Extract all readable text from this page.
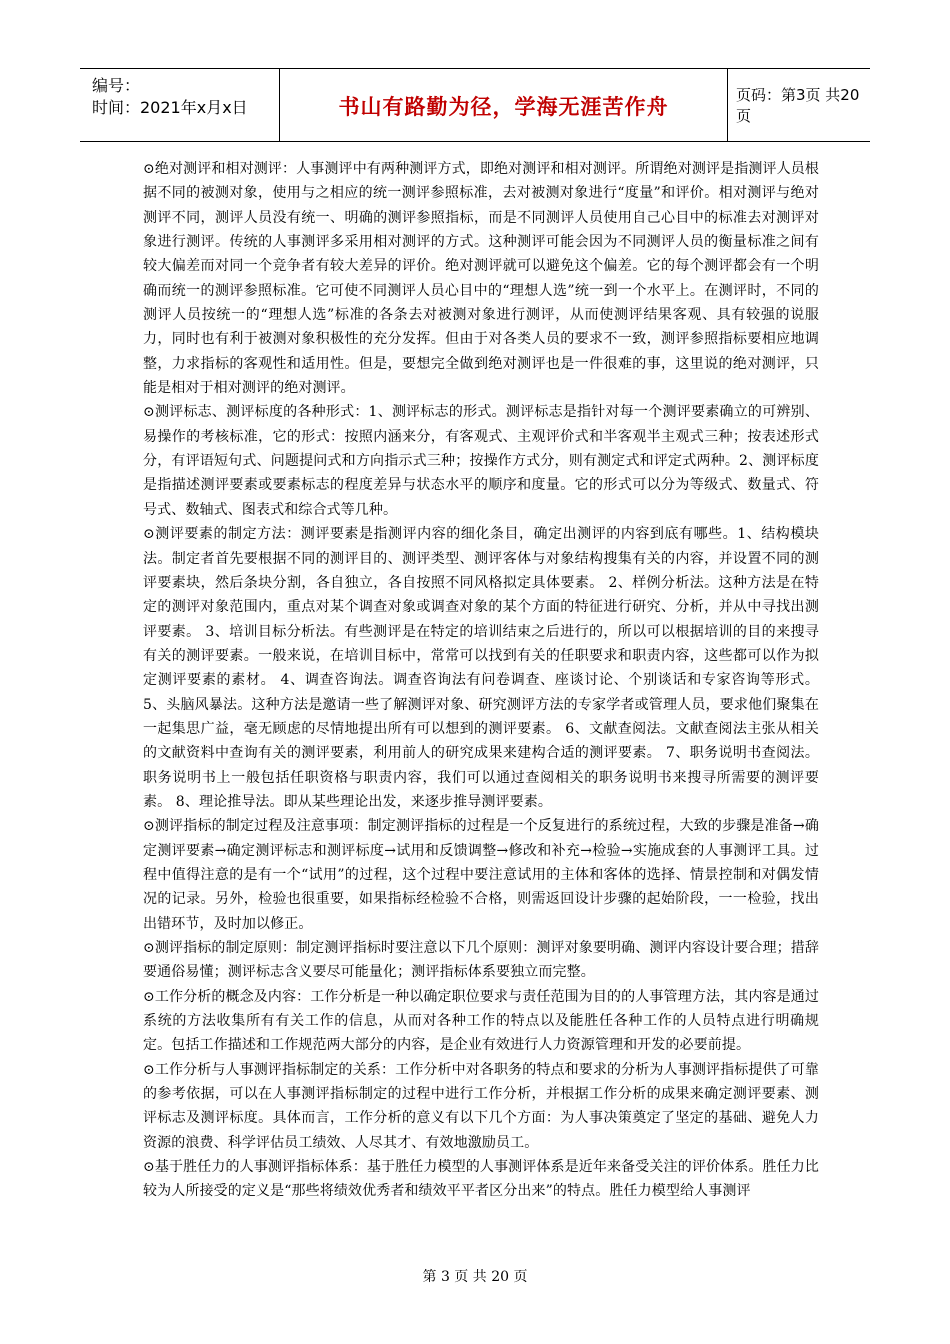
编号：
时间：2021年x月x日	书山有路勤为径，学海无涯苦作舟	页码：第3页 共20页

⊙绝对测评和相对测评：人事测评中有两种测评方式，即绝对测评和相对测评。所谓绝对测评是指测评人员根据不同的被测对象，使用与之相应的统一测评参照标准，去对被测对象进行“度量”和评价。相对测评与绝对测评不同，测评人员没有统一、明确的测评参照指标，而是不同测评人员使用自己心目中的标准去对测评对象进行测评。传统的人事测评多采用相对测评的方式。这种测评可能会因为不同测评人员的衡量标准之间有较大偏差而对同一个竞争者有较大差异的评价。绝对测评就可以避免这个偏差。它的每个测评都会有一个明确而统一的测评参照标准。它可使不同测评人员心目中的“理想人选”统一到一个水平上。在测评时，不同的测评人员按统一的“理想人选”标准的各条去对被测对象进行测评，从而使测评结果客观、具有较强的说服力，同时也有利于被测对象积极性的充分发挥。但由于对各类人员的要求不一致，测评参照指标要相应地调整，力求指标的客观性和适用性。但是，要想完全做到绝对测评也是一件很难的事，这里说的绝对测评，只能是相对于相对测评的绝对测评。

⊙测评标志、测评标度的各种形式：1、测评标志的形式。测评标志是指针对每一个测评要素确立的可辨别、易操作的考核标准，它的形式：按照内涵来分，有客观式、主观评价式和半客观半主观式三种；按表述形式分，有评语短句式、问题提问式和方向指示式三种；按操作方式分，则有测定式和评定式两种。2、测评标度是指描述测评要素或要素标志的程度差异与状态水平的顺序和度量。它的形式可以分为等级式、数量式、符号式、数轴式、图表式和综合式等几种。

⊙测评要素的制定方法：测评要素是指测评内容的细化条目，确定出测评的内容到底有哪些。1、结构模块法。制定者首先要根据不同的测评目的、测评类型、测评客体与对象结构搜集有关的内容，并设置不同的测评要素块，然后条块分割，各自独立，各自按照不同风格拟定具体要素。 2、样例分析法。这种方法是在特定的测评对象范围内，重点对某个调查对象或调查对象的某个方面的特征进行研究、分析，并从中寻找出测评要素。 3、培训目标分析法。有些测评是在特定的培训结束之后进行的，所以可以根据培训的目的来搜寻有关的测评要素。一般来说，在培训目标中，常常可以找到有关的任职要求和职责内容，这些都可以作为拟定测评要素的素材。 4、调查咨询法。调查咨询法有问卷调查、座谈讨论、个别谈话和专家咨询等形式。 5、头脑风暴法。这种方法是邀请一些了解测评对象、研究测评方法的专家学者或管理人员，要求他们聚集在一起集思广益，毫无顾虑的尽情地提出所有可以想到的测评要素。 6、文献查阅法。文献查阅法主张从相关的文献资料中查询有关的测评要素，利用前人的研究成果来建构合适的测评要素。 7、职务说明书查阅法。职务说明书上一般包括任职资格与职责内容，我们可以通过查阅相关的职务说明书来搜寻所需要的测评要素。 8、理论推导法。即从某些理论出发，来逐步推导测评要素。

⊙测评指标的制定过程及注意事项：制定测评指标的过程是一个反复进行的系统过程，大致的步骤是准备→确定测评要素→确定测评标志和测评标度→试用和反馈调整→修改和补充→检验→实施成套的人事测评工具。过程中值得注意的是有一个“试用”的过程，这个过程中要注意试用的主体和客体的选择、情景控制和对偶发情况的记录。另外，检验也很重要，如果指标经检验不合格，则需返回设计步骤的起始阶段，一一检验，找出出错环节，及时加以修正。

⊙测评指标的制定原则：制定测评指标时要注意以下几个原则：测评对象要明确、测评内容设计要合理；措辞要通俗易懂；测评标志含义要尽可能量化；测评指标体系要独立而完整。

⊙工作分析的概念及内容：工作分析是一种以确定职位要求与责任范围为目的的人事管理方法，其内容是通过系统的方法收集所有有关工作的信息，从而对各种工作的特点以及能胜任各种工作的人员特点进行明确规定。包括工作描述和工作规范两大部分的内容，是企业有效进行人力资源管理和开发的必要前提。

⊙工作分析与人事测评指标制定的关系：工作分析中对各职务的特点和要求的分析为人事测评指标提供了可靠的参考依据，可以在人事测评指标制定的过程中进行工作分析，并根据工作分析的成果来确定测评要素、测评标志及测评标度。具体而言，工作分析的意义有以下几个方面：为人事决策奠定了坚定的基础、避免人力资源的浪费、科学评估员工绩效、人尽其才、有效地激励员工。

⊙基于胜任力的人事测评指标体系：基于胜任力模型的人事测评体系是近年来备受关注的评价体系。胜任力比较为人所接受的定义是“那些将绩效优秀者和绩效平平者区分出来”的特点。胜任力模型给人事测评

第 3 页 共 20 页
